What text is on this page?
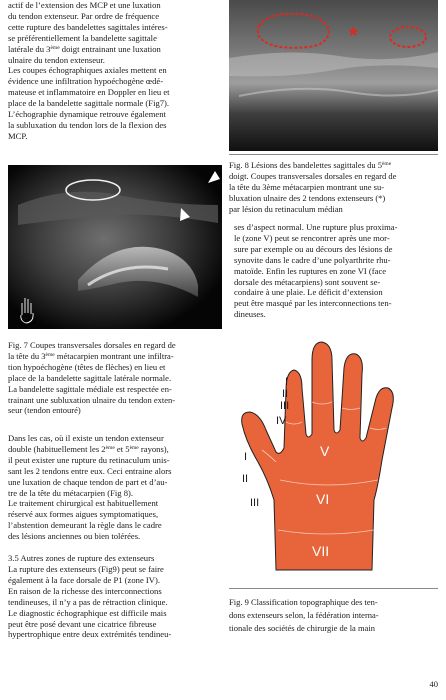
actif de l’extension des MCP et une luxation
du tendon extenseur. Par ordre de fréquence
cette rupture des bandelettes sagittales intéres-
se préférentiellement la bandelette sagittale
latérale du 3ème doigt entrainant une luxation
ulnaire du tendon extenseur.

Les coupes échographiques axiales mettent en
évidence une infiltration hypoéchogène œdé-
mateuse et inflammatoire en Doppler en lieu et
place de la bandelette sagittale normale (Fig7).
L’échographie dynamique retrouve également
la subluxation du tendon lors de la flexion des
MCP.

Fig. 7 Coupes transversales dorsales en regard de
la tête du 3ème métacarpien montrant une infiltra-
tion hypoéchogène (têtes de flèches) en lieu et
place de la bandelette sagittale latérale normale.
La bandelette sagittale médiale est respectée en-
trainant une subluxation ulnaire du tendon exten-
seur (tendon entouré)

Dans les cas, où il existe un tendon extenseur
double (habituellement les 2ème et 5ème rayons),
il peut exister une rupture du retinaculum unis-
sant les 2 tendons entre eux. Ceci entraine alors
une luxation de chaque tendon de part et d’au-
tre de la tête du métacarpien (Fig 8).

Le traitement chirurgical est habituellement
réservé aux formes aigues symptomatiques,
l’abstention demeurant la règle dans le cadre
des lésions anciennes ou bien tolérées.

3.5 Autres zones de rupture des extenseurs
La rupture des extenseurs (Fig9) peut se faire
également à la face dorsale de P1 (zone IV).
En raison de la richesse des interconnections
tendineuses, il n’y a pas de rétraction clinique.
Le diagnostic échographique est difficile mais
peut être posé devant une cicatrice fibreuse
hypertrophique entre deux extrémités tendineu-

*

Fig. 8 Lésions des bandelettes sagittales du 5ème
doigt. Coupes transversales dorsales en regard de
la tête du 3ème métacarpien montrant une su-
bluxation ulnaire des 2 tendons extenseurs (*)
par lésion du retinaculum médian

ses d’aspect normal. Une rupture plus proxima-
le (zone V) peut se rencontrer après une mor-
sure par exemple ou au décours des lésions de
synovite dans le cadre d’une polyarthrite rhu-
matoïde. Enfin les ruptures en zone VI (face
dorsale des métacarpiens) sont souvent se-
condaire à une plaie. Le déficit d’extension
peut être masqué par les interconnections ten-
dineuses.

I
II
III
IV
I
II
III
V
VI
VII

Fig. 9 Classification topographique des ten-
dons extenseurs selon, la fédération interna-
tionale des sociétés de chirurgie de la main

40
